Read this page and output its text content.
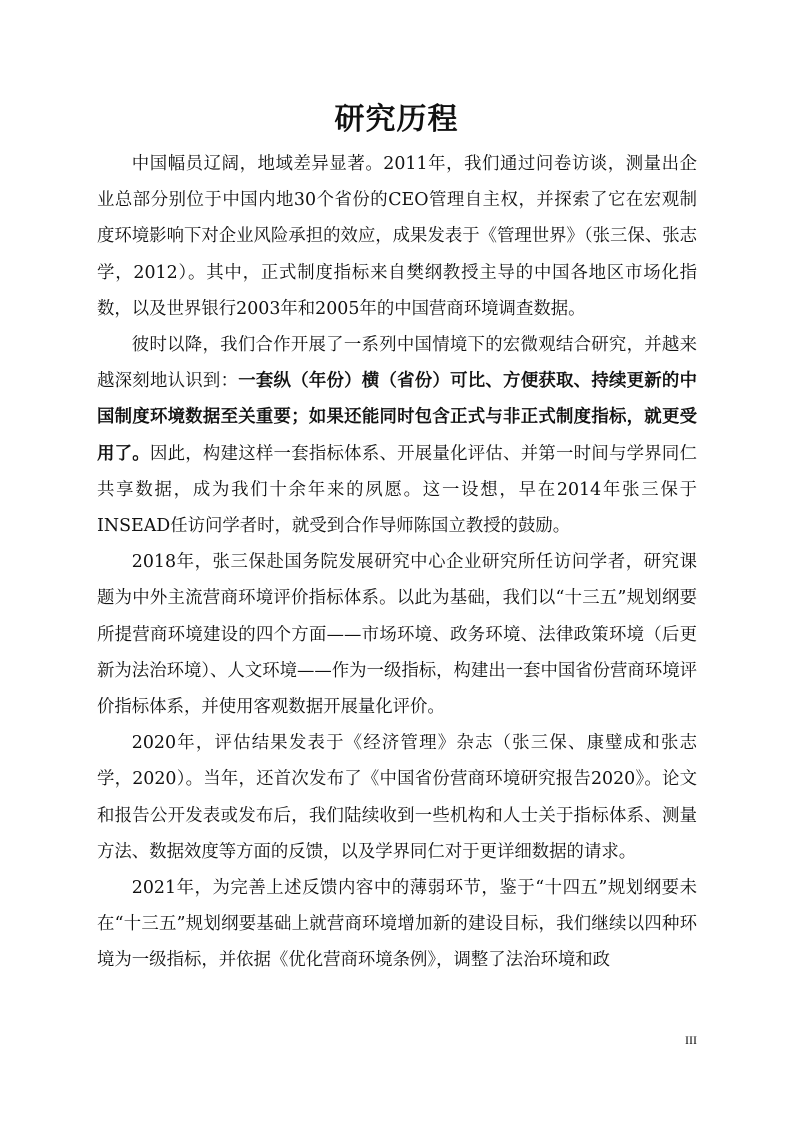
研究历程

中国幅员辽阔，地域差异显著。2011年，我们通过问卷访谈，测量出企业总部分别位于中国内地30个省份的CEO管理自主权，并探索了它在宏观制度环境影响下对企业风险承担的效应，成果发表于《管理世界》（张三保、张志学，2012）。其中，正式制度指标来自樊纲教授主导的中国各地区市场化指数，以及世界银行2003年和2005年的中国营商环境调查数据。

彼时以降，我们合作开展了一系列中国情境下的宏微观结合研究，并越来越深刻地认识到：一套纵（年份）横（省份）可比、方便获取、持续更新的中国制度环境数据至关重要；如果还能同时包含正式与非正式制度指标，就更受用了。因此，构建这样一套指标体系、开展量化评估、并第一时间与学界同仁共享数据，成为我们十余年来的夙愿。这一设想，早在2014年张三保于INSEAD任访问学者时，就受到合作导师陈国立教授的鼓励。

2018年，张三保赴国务院发展研究中心企业研究所任访问学者，研究课题为中外主流营商环境评价指标体系。以此为基础，我们以“十三五”规划纲要所提营商环境建设的四个方面——市场环境、政务环境、法律政策环境（后更新为法治环境）、人文环境——作为一级指标，构建出一套中国省份营商环境评价指标体系，并使用客观数据开展量化评价。

2020年，评估结果发表于《经济管理》杂志（张三保、康璧成和张志学，2020）。当年，还首次发布了《中国省份营商环境研究报告2020》。论文和报告公开发表或发布后，我们陆续收到一些机构和人士关于指标体系、测量方法、数据效度等方面的反馈，以及学界同仁对于更详细数据的请求。

2021年，为完善上述反馈内容中的薄弱环节，鉴于“十四五”规划纲要未在“十三五”规划纲要基础上就营商环境增加新的建设目标，我们继续以四种环境为一级指标，并依据《优化营商环境条例》，调整了法治环境和政

III
